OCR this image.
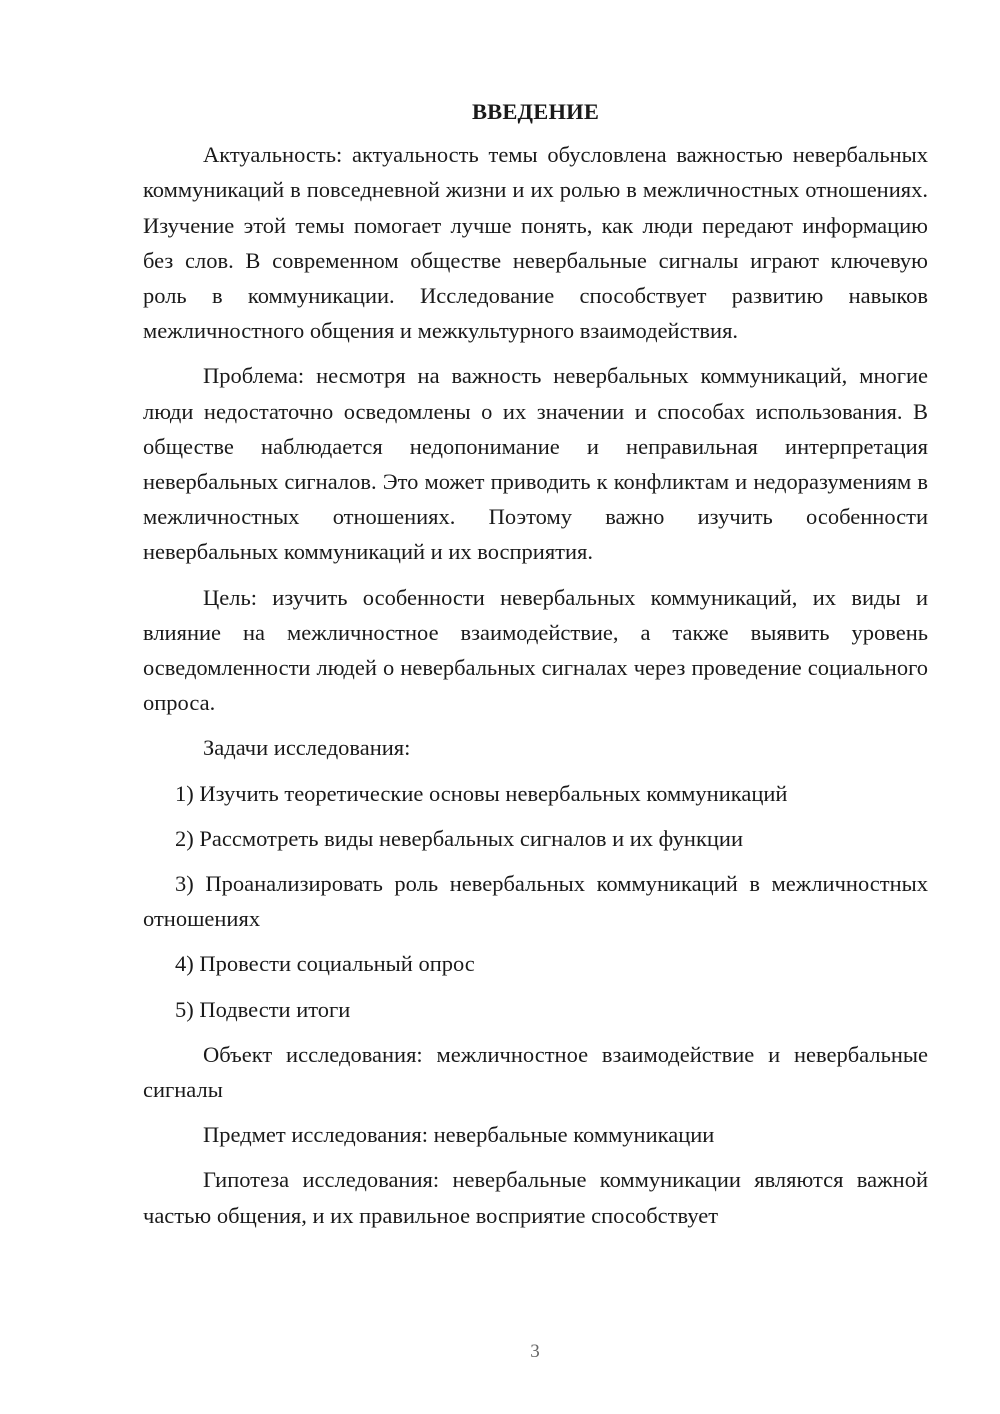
ВВЕДЕНИЕ

Актуальность: актуальность темы обусловлена важностью невербальных коммуникаций в повседневной жизни и их ролью в межличностных отношениях. Изучение этой темы помогает лучше понять, как люди передают информацию без слов. В современном обществе невербальные сигналы играют ключевую роль в коммуникации. Исследование способствует развитию навыков межличностного общения и межкультурного взаимодействия.

Проблема: несмотря на важность невербальных коммуникаций, многие люди недостаточно осведомлены о их значении и способах использования. В обществе наблюдается недопонимание и неправильная интерпретация невербальных сигналов. Это может приводить к конфликтам и недоразумениям в межличностных отношениях. Поэтому важно изучить особенности невербальных коммуникаций и их восприятия.

Цель: изучить особенности невербальных коммуникаций, их виды и влияние на межличностное взаимодействие, а также выявить уровень осведомленности людей о невербальных сигналах через проведение социального опроса.

Задачи исследования:

1) Изучить теоретические основы невербальных коммуникаций

2) Рассмотреть виды невербальных сигналов и их функции

3) Проанализировать роль невербальных коммуникаций в межличностных отношениях

4) Провести социальный опрос

5) Подвести итоги

Объект исследования: межличностное взаимодействие и невербальные сигналы

Предмет исследования: невербальные коммуникации

Гипотеза исследования: невербальные коммуникации являются важной частью общения, и их правильное восприятие способствует

3
